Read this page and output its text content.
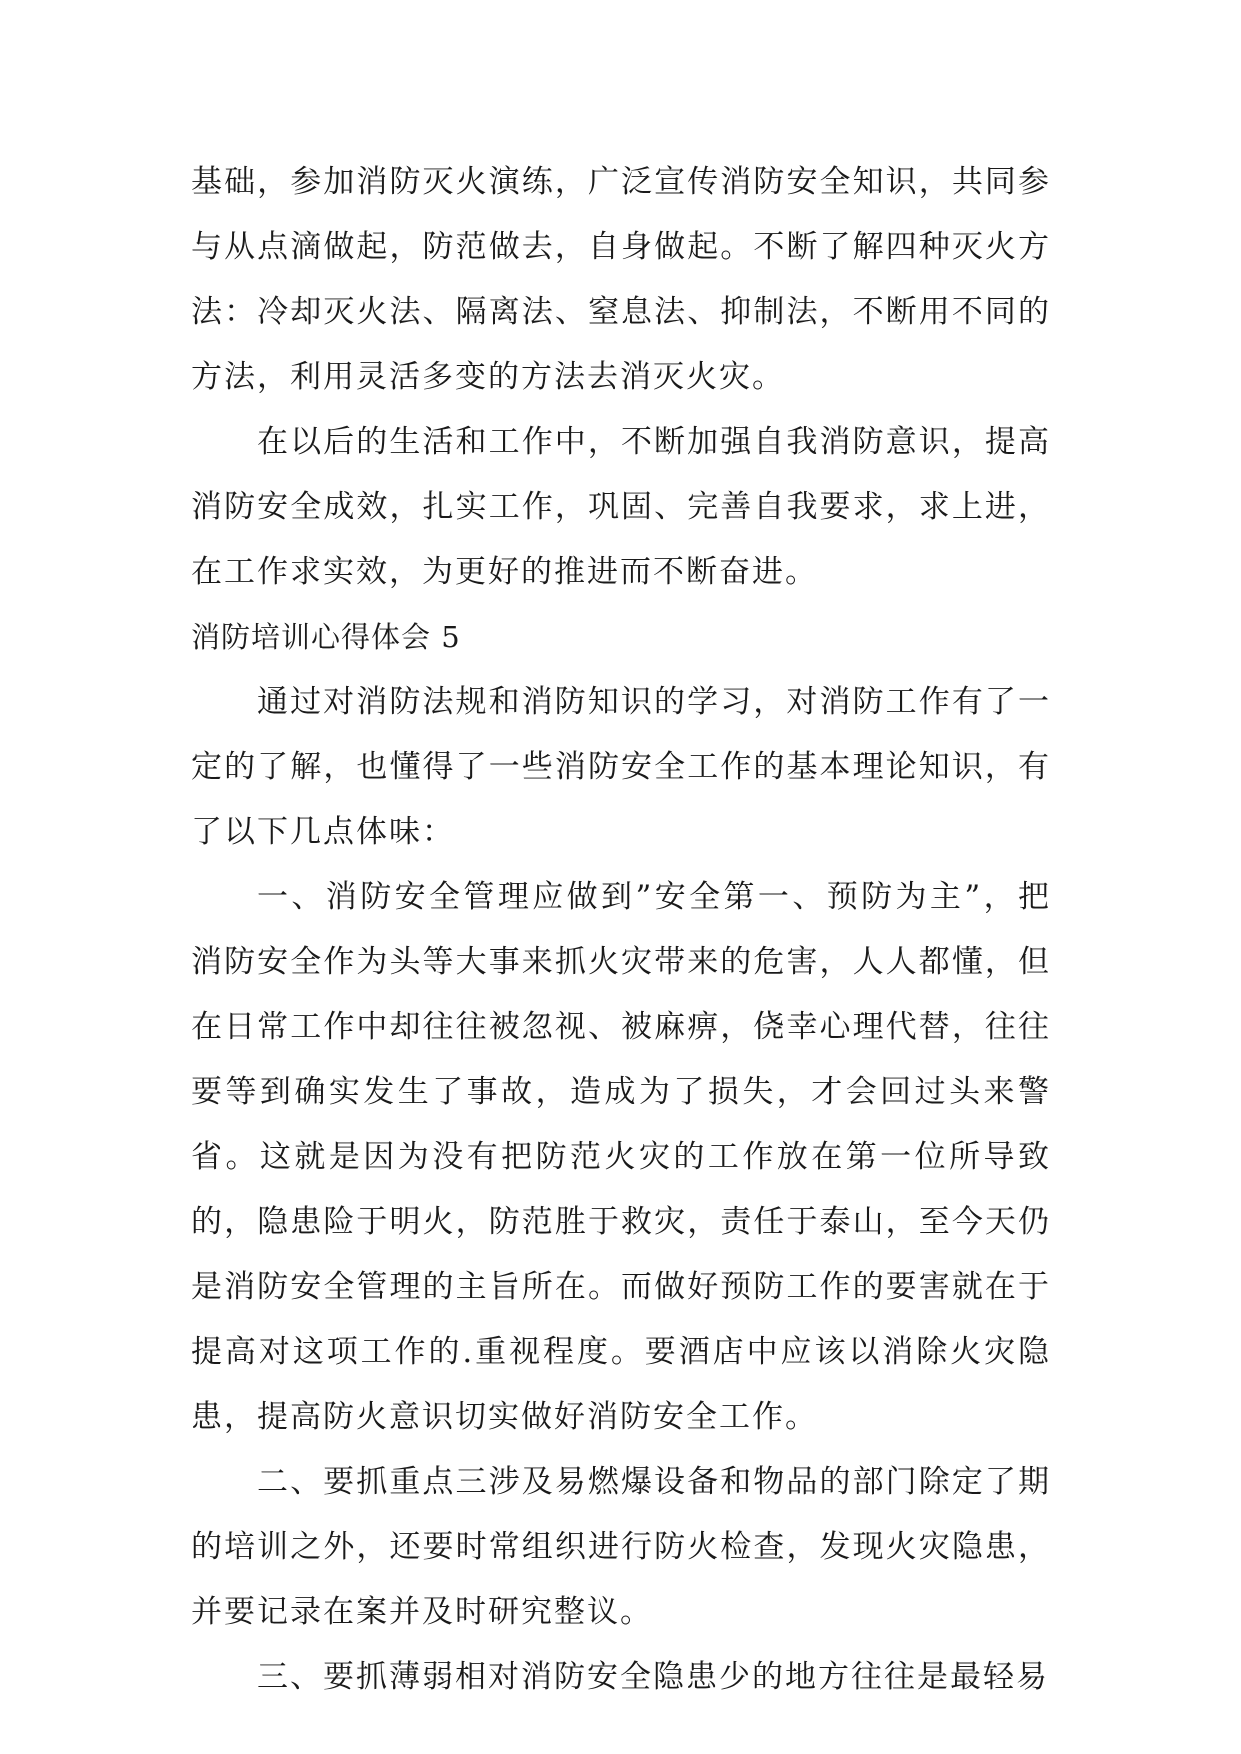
基础，参加消防灭火演练，广泛宣传消防安全知识，共同参与从点滴做起，防范做去，自身做起。不断了解四种灭火方法：冷却灭火法、隔离法、窒息法、抑制法，不断用不同的方法，利用灵活多变的方法去消灭火灾。

在以后的生活和工作中，不断加强自我消防意识，提高消防安全成效，扎实工作，巩固、完善自我要求，求上进，在工作求实效，为更好的推进而不断奋进。

消防培训心得体会 5

通过对消防法规和消防知识的学习，对消防工作有了一定的了解，也懂得了一些消防安全工作的基本理论知识，有了以下几点体味：

一、消防安全管理应做到”安全第一、预防为主”，把消防安全作为头等大事来抓火灾带来的危害，人人都懂，但在日常工作中却往往被忽视、被麻痹，侥幸心理代替，往往要等到确实发生了事故，造成为了损失，才会回过头来警省。这就是因为没有把防范火灾的工作放在第一位所导致的，隐患险于明火，防范胜于救灾，责任于泰山，至今天仍是消防安全管理的主旨所在。而做好预防工作的要害就在于提高对这项工作的.重视程度。要酒店中应该以消除火灾隐患，提高防火意识切实做好消防安全工作。

二、要抓重点三涉及易燃爆设备和物品的部门除定了期的培训之外，还要时常组织进行防火检查，发现火灾隐患，并要记录在案并及时研究整议。

三、要抓薄弱相对消防安全隐患少的地方往往是最轻易
